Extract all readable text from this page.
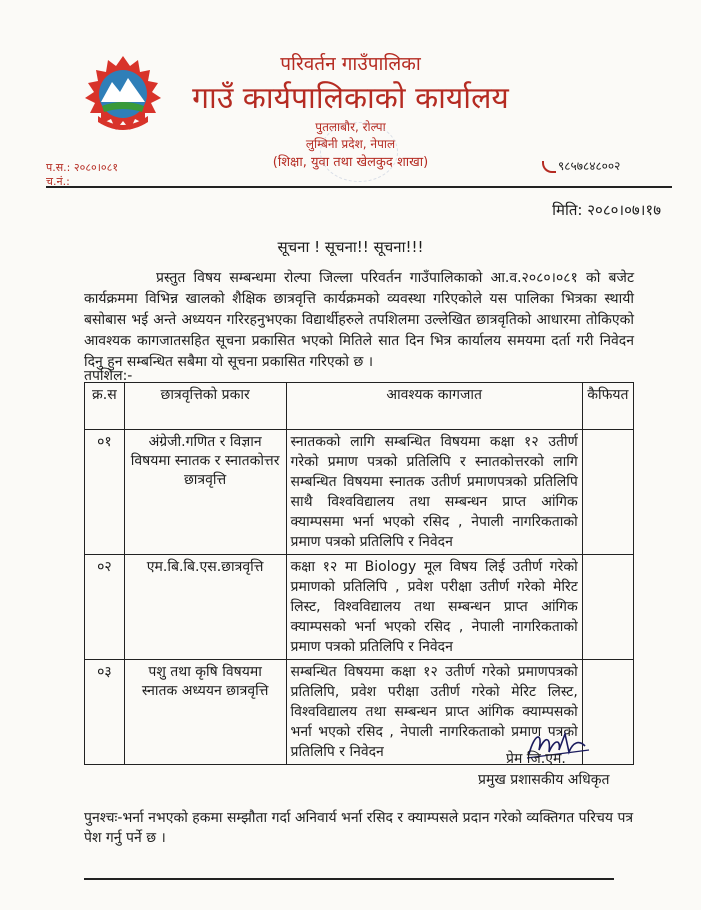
परिवर्तन गाउँपालिका
गाउँ कार्यपालिकाको कार्यालय
पुतलाबौर, रोल्पा
लुम्बिनी प्रदेश, नेपाल
(शिक्षा, युवा तथा खेलकुद शाखा)
प.स.: २०८०।०८१
च.नं.:
९८५७८४८००२
मिति: २०८०।०७।१७
सूचना ! सूचना!! सूचना!!!
प्रस्तुत विषय सम्बन्धमा रोल्पा जिल्ला परिवर्तन गाउँपालिकाको आ.व.२०८०।०८१ को बजेट कार्यक्रममा विभिन्न खालको शैक्षिक छात्रवृत्ति कार्यक्रमको व्यवस्था गरिएकोले यस पालिका भित्रका स्थायी बसोबास भई अन्ते अध्ययन गरिरहनुभएका विद्यार्थीहरुले तपशिलमा उल्लेखित छात्रवृतिको आधारमा तोकिएको आवश्यक कागजातसहित सूचना प्रकासित भएको मितिले सात दिन भित्र कार्यालय समयमा दर्ता गरी निवेदन दिनु हुन सम्बन्धित सबैमा यो सूचना प्रकासित गरिएको छ ।
तपशिल:-
क्र.स	छात्रवृत्तिको प्रकार	आवश्यक कागजात	कैफियत
०१	अंग्रेजी.गणित र विज्ञान विषयमा स्नातक र स्नातकोत्तर छात्रवृत्ति	स्नातकको लागि सम्बन्धित विषयमा कक्षा १२ उतीर्ण गरेको प्रमाण पत्रको प्रतिलिपि र स्नातकोत्तरको लागि सम्बन्धित विषयमा स्नातक उतीर्ण प्रमाणपत्रको प्रतिलिपि साथै विश्वविद्यालय तथा सम्बन्धन प्राप्त आंगिक क्याम्पसमा भर्ना भएको रसिद , नेपाली नागरिकताको प्रमाण पत्रको प्रतिलिपि र निवेदन	
०२	एम.बि.बि.एस.छात्रवृत्ति	कक्षा १२ मा Biology मूल विषय लिई उतीर्ण गरेको प्रमाणको प्रतिलिपि , प्रवेश परीक्षा उतीर्ण गरेको मेरिट लिस्ट, विश्वविद्यालय तथा सम्बन्धन प्राप्त आंगिक क्याम्पसको भर्ना भएको रसिद , नेपाली नागरिकताको प्रमाण पत्रको प्रतिलिपि र निवेदन	
०३	पशु तथा कृषि विषयमा स्नातक अध्ययन छात्रवृत्ति	सम्बन्धित विषयमा कक्षा १२ उतीर्ण गरेको प्रमाणपत्रको प्रतिलिपि, प्रवेश परीक्षा उतीर्ण गरेको मेरिट लिस्ट, विश्वविद्यालय तथा सम्बन्धन प्राप्त आंगिक क्याम्पसको भर्ना भएको रसिद , नेपाली नागरिकताको प्रमाण पत्रको प्रतिलिपि र निवेदन		प्रेम जि.एम.
प्रमुख प्रशासकीय अधिकृत
पुनश्चः-भर्ना नभएको हकमा सम्झौता गर्दा अनिवार्य भर्ना रसिद र क्याम्पसले प्रदान गरेको व्यक्तिगत परिचय पत्र पेश गर्नु पर्ने छ ।
